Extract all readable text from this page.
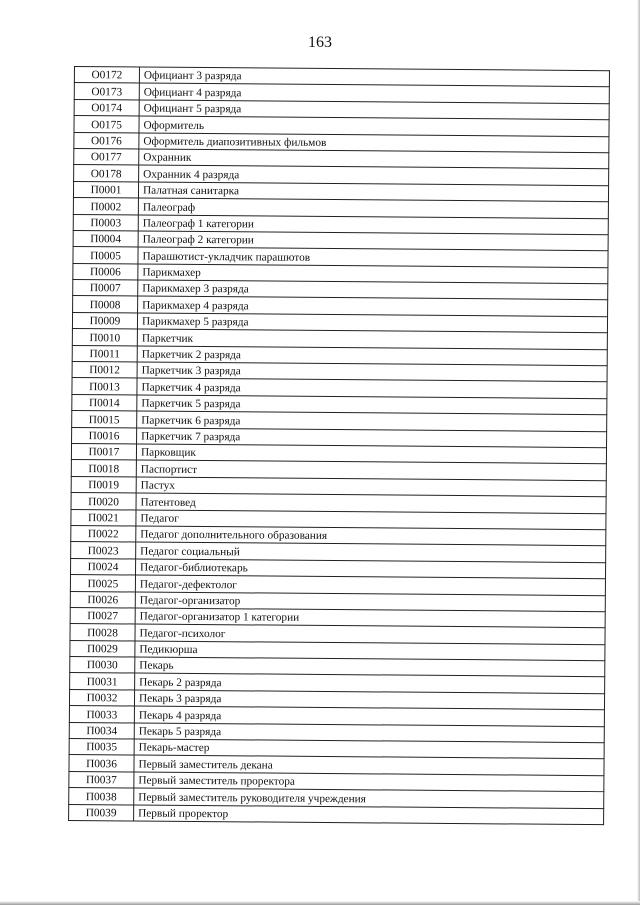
163
О0172	Официант 3 разряда
О0173	Официант 4 разряда
О0174	Официант 5 разряда
О0175	Оформитель
О0176	Оформитель диапозитивных фильмов
О0177	Охранник
О0178	Охранник 4 разряда
П0001	Палатная санитарка
П0002	Палеограф
П0003	Палеограф 1 категории
П0004	Палеограф 2 категории
П0005	Парашютист-укладчик парашютов
П0006	Парикмахер
П0007	Парикмахер 3 разряда
П0008	Парикмахер 4 разряда
П0009	Парикмахер 5 разряда
П0010	Паркетчик
П0011	Паркетчик 2 разряда
П0012	Паркетчик 3 разряда
П0013	Паркетчик 4 разряда
П0014	Паркетчик 5 разряда
П0015	Паркетчик 6 разряда
П0016	Паркетчик 7 разряда
П0017	Парковщик
П0018	Паспортист
П0019	Пастух
П0020	Патентовед
П0021	Педагог
П0022	Педагог дополнительного образования
П0023	Педагог социальный
П0024	Педагог-библиотекарь
П0025	Педагог-дефектолог
П0026	Педагог-организатор
П0027	Педагог-организатор 1 категории
П0028	Педагог-психолог
П0029	Педикюрша
П0030	Пекарь
П0031	Пекарь 2 разряда
П0032	Пекарь 3 разряда
П0033	Пекарь 4 разряда
П0034	Пекарь 5 разряда
П0035	Пекарь-мастер
П0036	Первый заместитель декана
П0037	Первый заместитель проректора
П0038	Первый заместитель руководителя учреждения
П0039	Первый проректор
